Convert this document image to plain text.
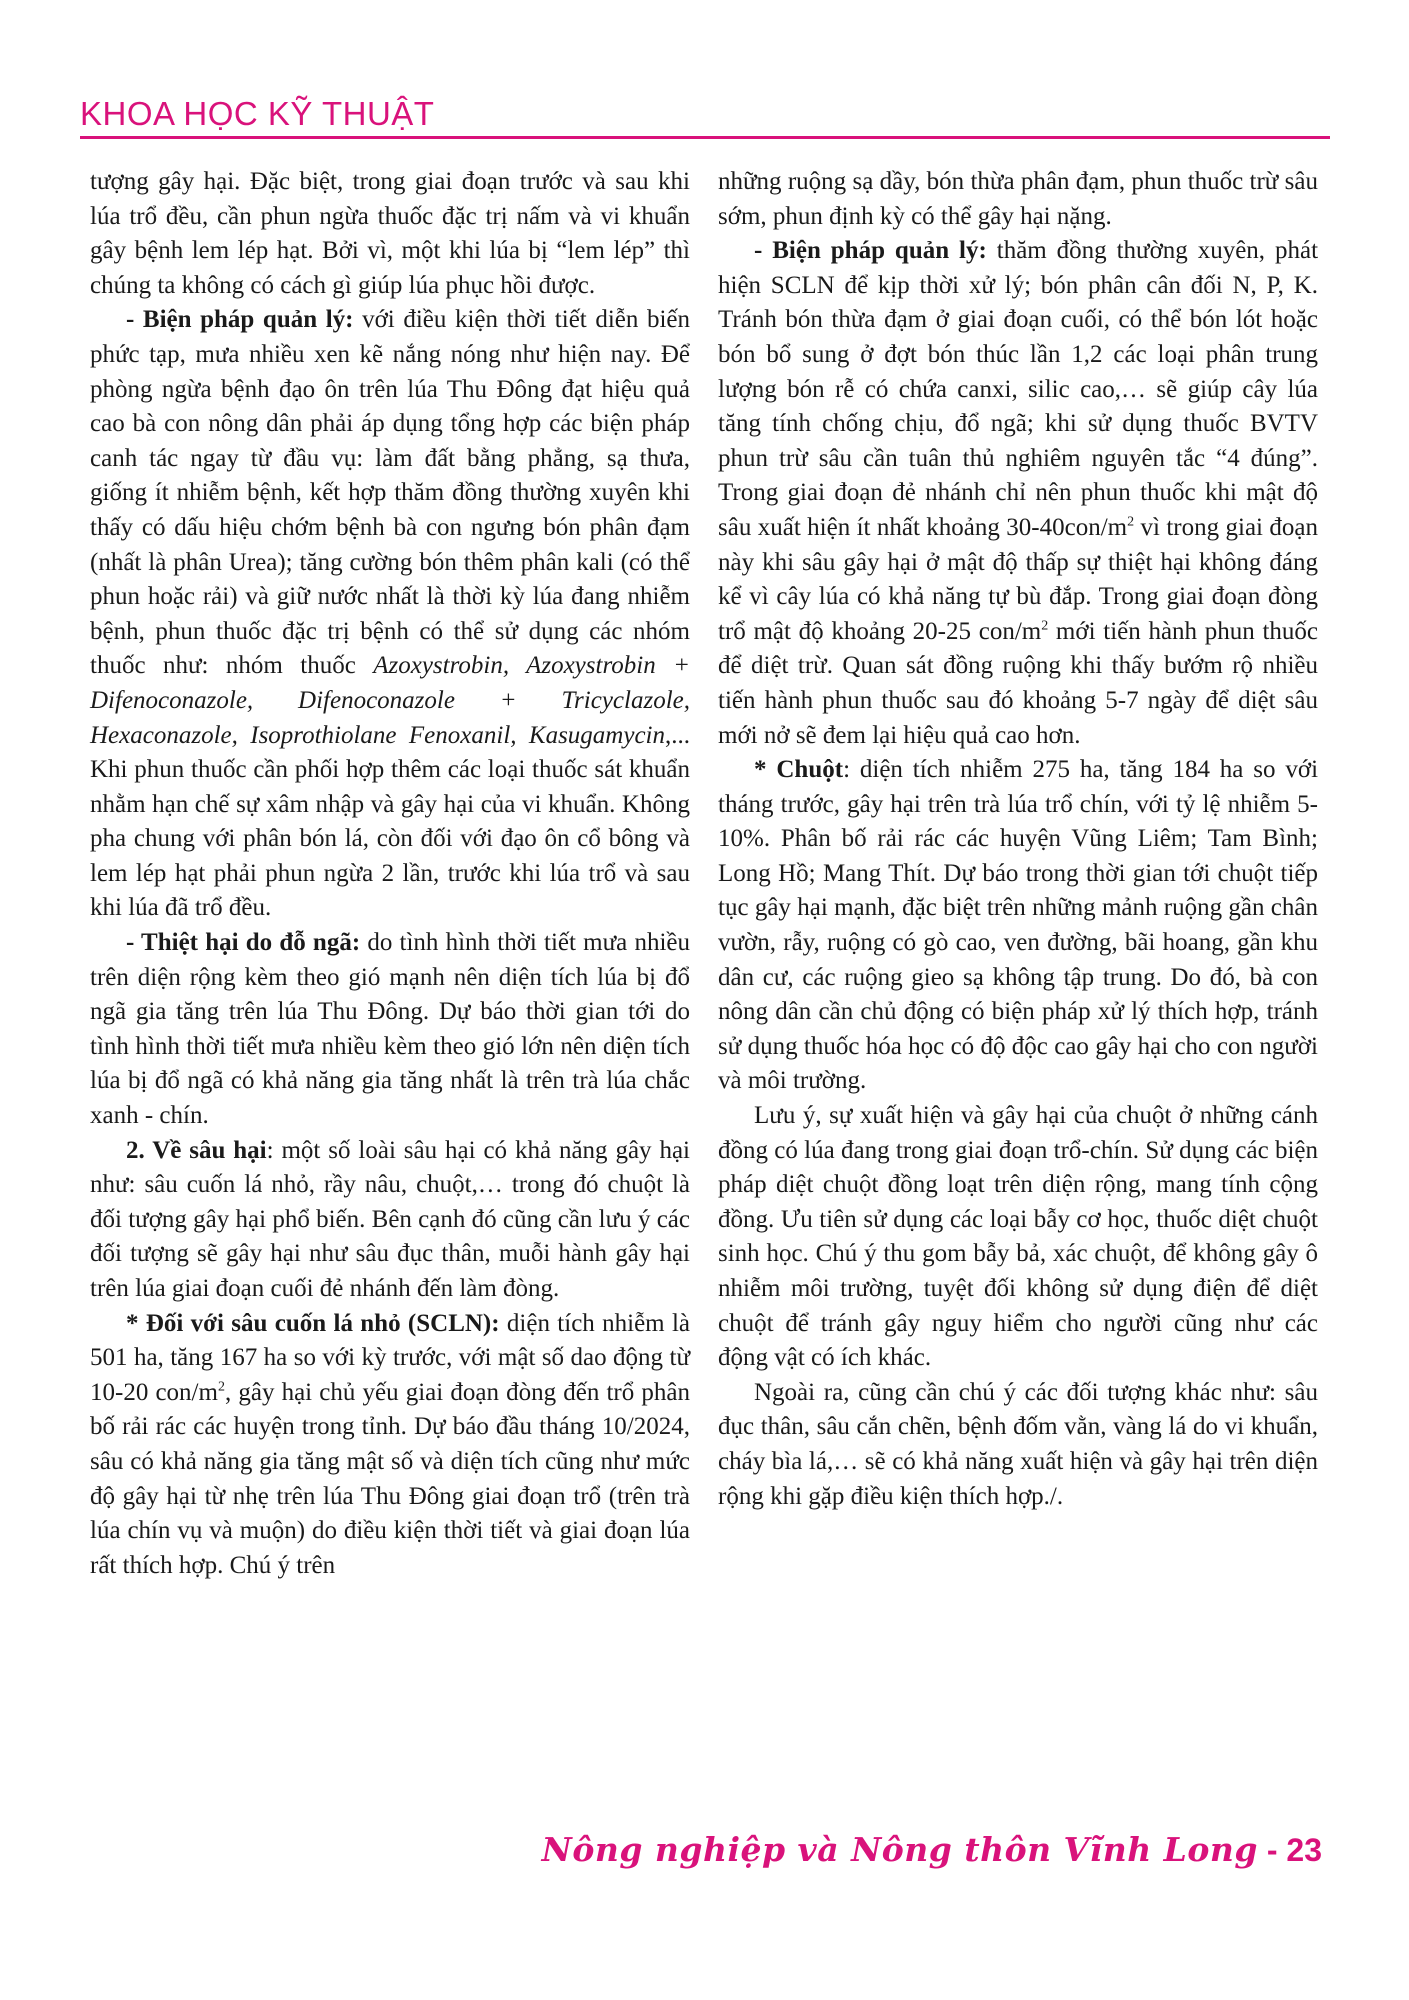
KHOA HỌC KỸ THUẬT

tượng gây hại. Đặc biệt, trong giai đoạn trước và sau khi lúa trổ đều, cần phun ngừa thuốc đặc trị nấm và vi khuẩn gây bệnh lem lép hạt. Bởi vì, một khi lúa bị “lem lép” thì chúng ta không có cách gì giúp lúa phục hồi được.

- Biện pháp quản lý: với điều kiện thời tiết diễn biến phức tạp, mưa nhiều xen kẽ nắng nóng như hiện nay. Để phòng ngừa bệnh đạo ôn trên lúa Thu Đông đạt hiệu quả cao bà con nông dân phải áp dụng tổng hợp các biện pháp canh tác ngay từ đầu vụ: làm đất bằng phẳng, sạ thưa, giống ít nhiễm bệnh, kết hợp thăm đồng thường xuyên khi thấy có dấu hiệu chớm bệnh bà con ngưng bón phân đạm (nhất là phân Urea); tăng cường bón thêm phân kali (có thể phun hoặc rải) và giữ nước nhất là thời kỳ lúa đang nhiễm bệnh, phun thuốc đặc trị bệnh có thể sử dụng các nhóm thuốc như: nhóm thuốc Azoxystrobin, Azoxystrobin + Difenoconazole, Difenoconazole + Tricyclazole, Hexaconazole, Isoprothiolane Fenoxanil, Kasugamycin,... Khi phun thuốc cần phối hợp thêm các loại thuốc sát khuẩn nhằm hạn chế sự xâm nhập và gây hại của vi khuẩn. Không pha chung với phân bón lá, còn đối với đạo ôn cổ bông và lem lép hạt phải phun ngừa 2 lần, trước khi lúa trổ và sau khi lúa đã trổ đều.

- Thiệt hại do đỗ ngã: do tình hình thời tiết mưa nhiều trên diện rộng kèm theo gió mạnh nên diện tích lúa bị đổ ngã gia tăng trên lúa Thu Đông. Dự báo thời gian tới do tình hình thời tiết mưa nhiều kèm theo gió lớn nên diện tích lúa bị đổ ngã có khả năng gia tăng nhất là trên trà lúa chắc xanh - chín.

2. Về sâu hại: một số loài sâu hại có khả năng gây hại như: sâu cuốn lá nhỏ, rầy nâu, chuột,… trong đó chuột là đối tượng gây hại phổ biến. Bên cạnh đó cũng cần lưu ý các đối tượng sẽ gây hại như sâu đục thân, muỗi hành gây hại trên lúa giai đoạn cuối đẻ nhánh đến làm đòng.

* Đối với sâu cuốn lá nhỏ (SCLN): diện tích nhiễm là 501 ha, tăng 167 ha so với kỳ trước, với mật số dao động từ 10-20 con/$m^2$, gây hại chủ yếu giai đoạn đòng đến trổ phân bố rải rác các huyện trong tỉnh. Dự báo đầu tháng 10/2024, sâu có khả năng gia tăng mật số và diện tích cũng như mức độ gây hại từ nhẹ trên lúa Thu Đông giai đoạn trổ (trên trà lúa chín vụ và muộn) do điều kiện thời tiết và giai đoạn lúa rất thích hợp. Chú ý trên

những ruộng sạ dầy, bón thừa phân đạm, phun thuốc trừ sâu sớm, phun định kỳ có thể gây hại nặng.

- Biện pháp quản lý: thăm đồng thường xuyên, phát hiện SCLN để kịp thời xử lý; bón phân cân đối N, P, K. Tránh bón thừa đạm ở giai đoạn cuối, có thể bón lót hoặc bón bổ sung ở đợt bón thúc lần 1,2 các loại phân trung lượng bón rễ có chứa canxi, silic cao,… sẽ giúp cây lúa tăng tính chống chịu, đổ ngã; khi sử dụng thuốc BVTV phun trừ sâu cần tuân thủ nghiêm nguyên tắc “4 đúng”. Trong giai đoạn đẻ nhánh chỉ nên phun thuốc khi mật độ sâu xuất hiện ít nhất khoảng $30-40con/m^2$ vì trong giai đoạn này khi sâu gây hại ở mật độ thấp sự thiệt hại không đáng kể vì cây lúa có khả năng tự bù đắp. Trong giai đoạn đòng trổ mật độ khoảng 20-25 con/$m^2$ mới tiến hành phun thuốc để diệt trừ. Quan sát đồng ruộng khi thấy bướm rộ nhiều tiến hành phun thuốc sau đó khoảng 5-7 ngày để diệt sâu mới nở sẽ đem lại hiệu quả cao hơn.

* Chuột: diện tích nhiễm 275 ha, tăng 184 ha so với tháng trước, gây hại trên trà lúa trổ chín, với tỷ lệ nhiễm 5-10%. Phân bố rải rác các huyện Vũng Liêm; Tam Bình; Long Hồ; Mang Thít. Dự báo trong thời gian tới chuột tiếp tục gây hại mạnh, đặc biệt trên những mảnh ruộng gần chân vườn, rẫy, ruộng có gò cao, ven đường, bãi hoang, gần khu dân cư, các ruộng gieo sạ không tập trung. Do đó, bà con nông dân cần chủ động có biện pháp xử lý thích hợp, tránh sử dụng thuốc hóa học có độ độc cao gây hại cho con người và môi trường.

Lưu ý, sự xuất hiện và gây hại của chuột ở những cánh đồng có lúa đang trong giai đoạn trổ-chín. Sử dụng các biện pháp diệt chuột đồng loạt trên diện rộng, mang tính cộng đồng. Ưu tiên sử dụng các loại bẫy cơ học, thuốc diệt chuột sinh học. Chú ý thu gom bẫy bả, xác chuột, để không gây ô nhiễm môi trường, tuyệt đối không sử dụng điện để diệt chuột để tránh gây nguy hiểm cho người cũng như các động vật có ích khác.

Ngoài ra, cũng cần chú ý các đối tượng khác như: sâu đục thân, sâu cắn chẽn, bệnh đốm vằn, vàng lá do vi khuẩn, cháy bìa lá,… sẽ có khả năng xuất hiện và gây hại trên diện rộng khi gặp điều kiện thích hợp./.

Nông nghiệp và Nông thôn Vĩnh Long - 23
